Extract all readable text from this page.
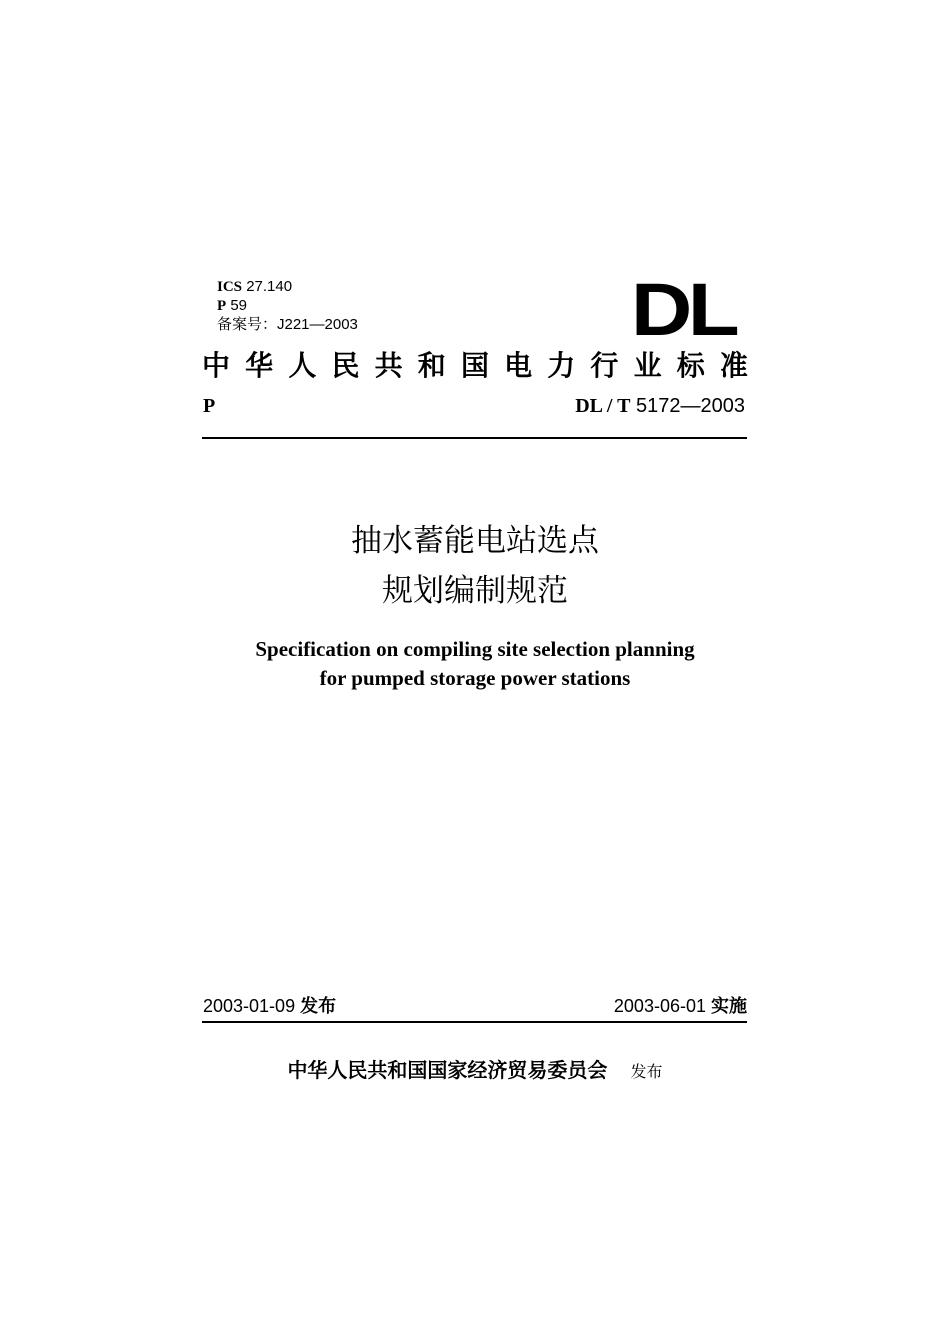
ICS 27.140
P 59
备案号：J221—2003	DL
中 华 人 民 共 和 国 电 力 行 业 标 准
P	DL / T 5172—2003
抽水蓄能电站选点
规划编制规范
Specification on compiling site selection planning
for pumped storage power stations
2003-01-09 发布	2003-06-01 实施
中华人民共和国国家经济贸易委员会 发布
